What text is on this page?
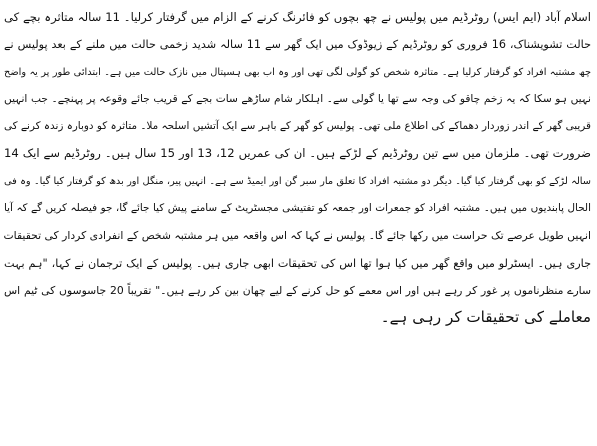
اسلام آباد (ایم ایس) روٹرڈیم میں پولیس نے چھ بچوں کو فائرنگ کرنے کے الزام میں گرفتار کرلیا۔ 11 سالہ متاثرہ بچے کی
حالت تشویشناک، 16 فروری کو روٹرڈیم کے زیوڈوک میں ایک گھر سے 11 سالہ شدید زخمی حالت میں ملنے کے بعد پولیس نے
چھ مشتبہ افراد کو گرفتار کرلیا ہے۔ متاثرہ شخص کو گولی لگی تھی اور وہ اب بھی ہسپتال میں نازک حالت میں ہے۔ ابتدائی طور پر یہ واضح
نہیں ہو سکا کہ یہ زخم چاقو کی وجہ سے تھا یا گولی سے۔ اہلکار شام ساڑھے سات بجے کے قریب جائے وقوعہ پر پہنچے۔ جب انہیں
قریبی گھر کے اندر زوردار دھماکے کی اطلاع ملی تھی۔ پولیس کو گھر کے باہر سے ایک آتشیں اسلحہ ملا۔ متاثرہ کو دوبارہ زندہ کرنے کی
ضرورت تھی۔ ملزمان میں سے تین روٹرڈیم کے لڑکے ہیں۔ ان کی عمریں 12، 13 اور 15 سال ہیں۔ روٹرڈیم سے ایک 14
سالہ لڑکے کو بھی گرفتار کیا گیا۔ دیگر دو مشتبہ افراد کا تعلق مار سبر گن اور ایمیڈ سے ہے۔ انہیں پیر، منگل اور بدھ کو گرفتار کیا گیا۔ وہ فی
الحال پابندیوں میں ہیں۔ مشتبہ افراد کو جمعرات اور جمعہ کو تفتیشی مجسٹریٹ کے سامنے پیش کیا جائے گا، جو فیصلہ کریں گے کہ آیا
انہیں طویل عرصے تک حراست میں رکھا جائے گا۔ پولیس نے کہا کہ اس واقعہ میں ہر مشتبہ شخص کے انفرادی کردار کی تحقیقات
جاری ہیں۔ ایسٹرلو میں واقع گھر میں کیا ہوا تھا اس کی تحقیقات ابھی جاری ہیں۔ پولیس کے ایک ترجمان نے کہا، "ہم بہت
سارے منظرناموں پر غور کر رہے ہیں اور اس معمے کو حل کرنے کے لیے چھان بین کر رہے ہیں۔" تقریباً 20 جاسوسوں کی ٹیم اس
معاملے کی تحقیقات کر رہی ہے۔
